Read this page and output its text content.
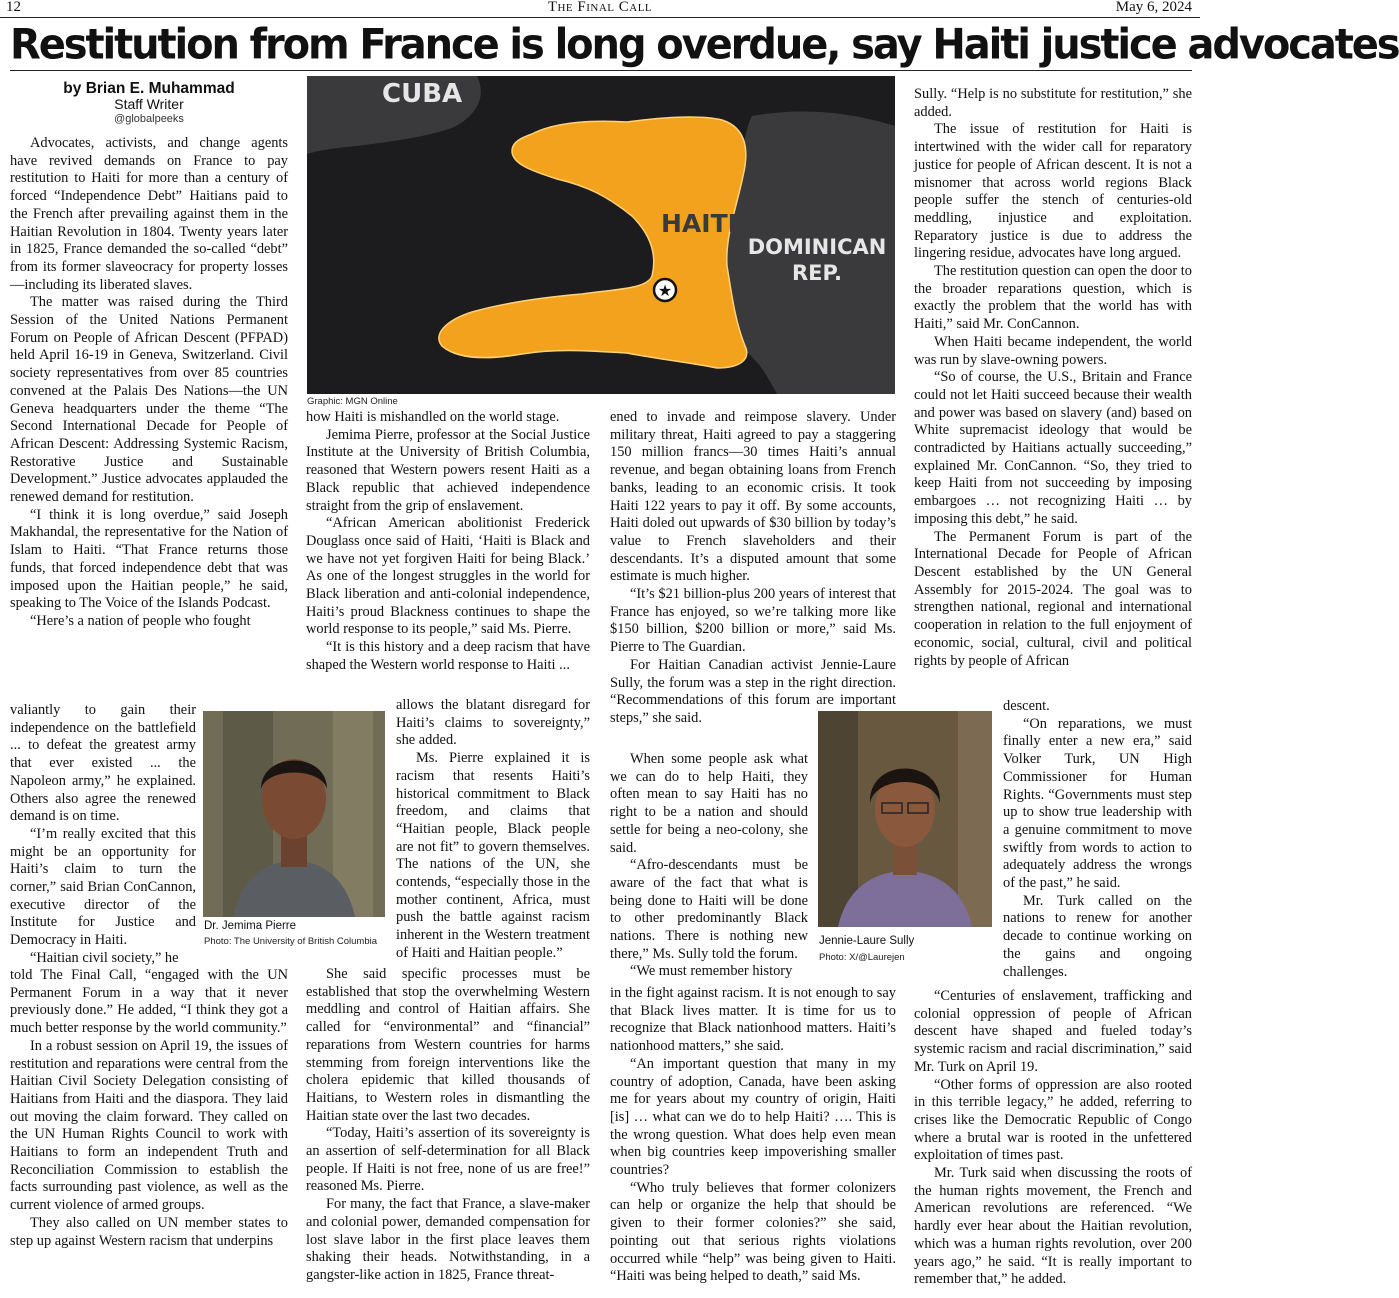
12	The Final Call	May 6, 2024
Restitution from France is long overdue, say Haiti justice advocates
by Brian E. Muhammad
Staff Writer
@globalpeeks
★
CUBA
HAITI
DOMINICAN
REP.
Graphic: MGN Online
Dr. Jemima Pierre
Photo: The University of British Columbia	Jennie-Laure Sully
Photo: X/@Laurejen

Advocates, activists, and change agents have revived demands on France to pay restitution to Haiti for more than a century of forced “Independence Debt” Haitians paid to the French after prevailing against them in the Haitian Revolution in 1804. Twenty years later in 1825, France demanded the so-called “debt” from its former slaveocracy for property losses—including its liberated slaves.

The matter was raised during the Third Session of the United Nations Permanent Forum on People of African Descent (PFPAD) held April 16-19 in Geneva, Switzerland. Civil society representatives from over 85 countries convened at the Palais Des Nations—the UN Geneva headquarters under the theme “The Second International Decade for People of African Descent: Addressing Systemic Racism, Restorative Justice and Sustainable Development.” Justice advocates applauded the renewed demand for restitution.

“I think it is long overdue,” said Joseph Makhandal, the representative for the Nation of Islam to Haiti. “That France returns those funds, that forced independence debt that was imposed upon the Haitian people,” he said, speaking to The Voice of the Islands Podcast.

“Here’s a nation of people who fought

valiantly to gain their independence on the battlefield ... to defeat the greatest army that ever existed ... the Napoleon army,” he explained. Others also agree the renewed demand is on time.

“I’m really excited that this might be an opportunity for Haiti’s claim to turn the corner,” said Brian ConCannon, executive director of the Institute for Justice and Democracy in Haiti.

“Haitian civil society,” he

told The Final Call, “engaged with the UN Permanent Forum in a way that it never previously done.” He added, “I think they got a much better response by the world community.”

In a robust session on April 19, the issues of restitution and reparations were central from the Haitian Civil Society Delegation consisting of Haitians from Haiti and the diaspora. They laid out moving the claim forward. They called on the UN Human Rights Council to work with Haitians to form an independent Truth and Reconciliation Commission to establish the facts surrounding past violence, as well as the current violence of armed groups.

They also called on UN member states to step up against Western racism that underpins

how Haiti is mishandled on the world stage.

Jemima Pierre, professor at the Social Justice Institute at the University of British Columbia, reasoned that Western powers resent Haiti as a Black republic that achieved independence straight from the grip of enslavement.

“African American abolitionist Frederick Douglass once said of Haiti, ‘Haiti is Black and we have not yet forgiven Haiti for being Black.’ As one of the longest struggles in the world for Black liberation and anti-colonial independence, Haiti’s proud Blackness continues to shape the world response to its people,” said Ms. Pierre.

“It is this history and a deep racism that have shaped the Western world response to Haiti ...

allows the blatant disregard for Haiti’s claims to sovereignty,” she added.

Ms. Pierre explained it is racism that resents Haiti’s historical commitment to Black freedom, and claims that “Haitian people, Black people are not fit” to govern themselves. The nations of the UN, she contends, “especially those in the mother continent, Africa, must push the battle against racism inherent in the Western treatment of Haiti and Haitian people.”

She said specific processes must be established that stop the overwhelming Western meddling and control of Haitian affairs. She called for “environmental” and “financial” reparations from Western countries for harms stemming from foreign interventions like the cholera epidemic that killed thousands of Haitians, to Western roles in dismantling the Haitian state over the last two decades.

“Today, Haiti’s assertion of its sovereignty is an assertion of self-determination for all Black people. If Haiti is not free, none of us are free!” reasoned Ms. Pierre.

For many, the fact that France, a slave-maker and colonial power, demanded compensation for lost slave labor in the first place leaves them shaking their heads. Notwithstanding, in a gangster-like action in 1825, France threat-

ened to invade and reimpose slavery. Under military threat, Haiti agreed to pay a staggering 150 million francs—30 times Haiti’s annual revenue, and began obtaining loans from French banks, leading to an economic crisis. It took Haiti 122 years to pay it off. By some accounts, Haiti doled out upwards of $30 billion by today’s value to French slaveholders and their descendants. It’s a disputed amount that some estimate is much higher.

“It’s $21 billion-plus 200 years of interest that France has enjoyed, so we’re talking more like $150 billion, $200 billion or more,” said Ms. Pierre to The Guardian.

For Haitian Canadian activist Jennie-Laure Sully, the forum was a step in the right direction. “Recommendations of this forum are important steps,” she said.

When some people ask what we can do to help Haiti, they often mean to say Haiti has no right to be a nation and should settle for being a neo-colony, she said.

“Afro-descendants must be aware of the fact that what is being done to Haiti will be done to other predominantly Black nations. There is nothing new there,” Ms. Sully told the forum.

“We must remember history

in the fight against racism. It is not enough to say that Black lives matter. It is time for us to recognize that Black nationhood matters. Haiti’s nationhood matters,” she said.

“An important question that many in my country of adoption, Canada, have been asking me for years about my country of origin, Haiti [is] … what can we do to help Haiti? …. This is the wrong question. What does help even mean when big countries keep impoverishing smaller countries?

“Who truly believes that former colonizers can help or organize the help that should be given to their former colonies?” she said, pointing out that serious rights violations occurred while “help” was being given to Haiti. “Haiti was being helped to death,” said Ms.

Sully. “Help is no substitute for restitution,” she added.

The issue of restitution for Haiti is intertwined with the wider call for reparatory justice for people of African descent. It is not a misnomer that across world regions Black people suffer the stench of centuries-old meddling, injustice and exploitation. Reparatory justice is due to address the lingering residue, advocates have long argued.

The restitution question can open the door to the broader reparations question, which is exactly the problem that the world has with Haiti,” said Mr. ConCannon.

When Haiti became independent, the world was run by slave-owning powers.

“So of course, the U.S., Britain and France could not let Haiti succeed because their wealth and power was based on slavery (and) based on White supremacist ideology that would be contradicted by Haitians actually succeeding,” explained Mr. ConCannon. “So, they tried to keep Haiti from not succeeding by imposing embargoes … not recognizing Haiti … by imposing this debt,” he said.

The Permanent Forum is part of the International Decade for People of African Descent established by the UN General Assembly for 2015-2024. The goal was to strengthen national, regional and international cooperation in relation to the full enjoyment of economic, social, cultural, civil and political rights by people of African

descent.

“On reparations, we must finally enter a new era,” said Volker Turk, UN High Commissioner for Human Rights. “Governments must step up to show true leadership with a genuine commitment to move swiftly from words to action to adequately address the wrongs of the past,” he said.

Mr. Turk called on the nations to renew for another decade to continue working on the gains and ongoing challenges.

“Centuries of enslavement, trafficking and colonial oppression of people of African descent have shaped and fueled today’s systemic racism and racial discrimination,” said Mr. Turk on April 19.

“Other forms of oppression are also rooted in this terrible legacy,” he added, referring to crises like the Democratic Republic of Congo where a brutal war is rooted in the unfettered exploitation of times past.

Mr. Turk said when discussing the roots of the human rights movement, the French and American revolutions are referenced. “We hardly ever hear about the Haitian revolution, which was a human rights revolution, over 200 years ago,” he said. “It is really important to remember that,” he added.
